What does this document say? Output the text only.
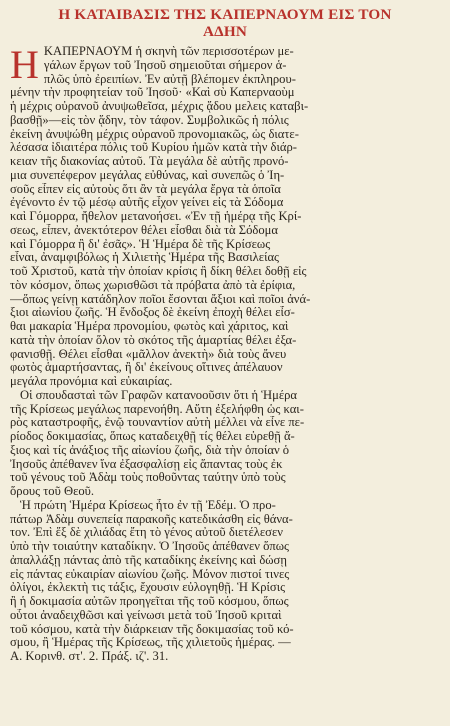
Η ΚΑΤΑΙΒΑΣΙΣ ΤΗΣ ΚΑΠΕΡΝΑΟΥΜ ΕΙΣ ΤΟΝ
ΑΔΗΝ
Η ΚΑΠΕΡΝΑΟΥΜ ἡ σκηνὴ τῶν περισσοτέρων με-
γάλων ἔργων τοῦ Ἰησοῦ σημειοῦται σήμερον ἁ-
πλῶς ὑπὸ ἐρειπίων. Ἐν αὐτῇ βλέπομεν ἐκπληρου-
μένην τὴν προφητείαν τοῦ Ἰησοῦ· «Καὶ σὺ Καπερναοὺμ
ἡ μέχρις οὐρανοῦ ἀνυψωθεῖσα, μέχρις ᾅδου μελεις καταβι-
βασθῇ»—εἰς τὸν ᾅδην, τὸν τάφον. Συμβολικῶς ἡ πόλις
ἐκείνη ἀνυψώθη μέχρις οὐρανοῦ προνομιακῶς, ὡς διατε-
λέσασα ἰδιαιτέρα πόλις τοῦ Κυρίου ἡμῶν κατὰ τὴν διάρ-
κειαν τῆς διακονίας αὐτοῦ. Τὰ μεγάλα δὲ αὐτῆς προνό-
μια συνεπέφερον μεγάλας εὐθύνας, καὶ συνεπῶς ὁ Ἰη-
σοῦς εἶπεν εἰς αὐτοὺς ὅτι ἂν τὰ μεγάλα ἔργα τὰ ὁποῖα
ἐγένοντο ἐν τῷ μέσῳ αὐτῆς εἶχον γείνει εἰς τὰ Σόδομα
καὶ Γόμορρα, ἤθελον μετανοήσει. «Ἐν τῇ ἡμέρᾳ τῆς Κρί-
σεως, εἶπεν, ἀνεκτότερον θέλει εἶσθαι διὰ τὰ Σόδομα
καὶ Γόμορρα ἢ δι' ἐσᾶς». Ἡ Ἡμέρα δὲ τῆς Κρίσεως
εἶναι, ἀναμφιβόλως ἡ Χιλιετὴς Ἡμέρα τῆς Βασιλείας
τοῦ Χριστοῦ, κατὰ τὴν ὁποίαν κρίσις ἢ δίκη θέλει δοθῇ εἰς
τὸν κόσμον, ὅπως χωρισθῶσι τὰ πρόβατα ἀπὸ τὰ ἐρίφια,
—ὅπως γείνῃ κατάδηλον ποῖοι ἔσονται ἄξιοι καὶ ποῖοι ἀνά-
ξιοι αἰωνίου ζωῆς. Ἡ ἔνδοξος δὲ ἐκείνη ἐποχὴ θέλει εἶσ-
θαι μακαρία Ἡμέρα προνομίου, φωτὸς καὶ χάριτος, καὶ
κατὰ τὴν ὁποίαν ὅλον τὸ σκότος τῆς ἁμαρτίας θέλει ἐξα-
φανισθῇ. Θέλει εἶσθαι «μᾶλλον ἀνεκτὴ» διὰ τοὺς ἄνευ
φωτὸς ἁμαρτήσαντας, ἢ δι' ἐκείνους οἵτινες ἀπέλαυον
μεγάλα προνόμια καὶ εὐκαιρίας.
Οἱ σπουδασταὶ τῶν Γραφῶν κατανοοῦσιν ὅτι ἡ Ἡμέρα
τῆς Κρίσεως μεγάλως παρενοήθη. Αὕτη ἐξελήφθη ὡς και-
ρὸς καταστροφῆς, ἐνῷ τουναντίον αὐτὴ μέλλει νὰ εἶνε πε-
ρίοδος δοκιμασίας, ὅπως καταδειχθῇ τίς θέλει εὑρεθῇ ἄ-
ξιος καὶ τίς ἀνάξιος τῆς αἰωνίου ζωῆς, διὰ τὴν ὁποίαν ὁ
Ἰησοῦς ἀπέθανεν ἵνα ἐξασφαλίσῃ εἰς ἅπαντας τοὺς ἐκ
τοῦ γένους τοῦ Ἀδὰμ τοὺς ποθοῦντας ταύτην ὑπὸ τοὺς
ὅρους τοῦ Θεοῦ.
Ἡ πρώτη Ἡμέρα Κρίσεως ἦτο ἐν τῇ Ἐδέμ. Ὁ προ-
πάτωρ Ἀδὰμ συνεπείᾳ παρακοῆς κατεδικάσθη εἰς θάνα-
τον. Ἐπὶ ἕξ δὲ χιλιάδας ἔτη τὸ γένος αὐτοῦ διετέλεσεν
ὑπὸ τὴν τοιαύτην καταδίκην. Ὁ Ἰησοῦς ἀπέθανεν ὅπως
ἀπαλλάξῃ πάντας ἀπὸ τῆς καταδίκης ἐκείνης καὶ δώσῃ
εἰς πάντας εὐκαιρίαν αἰωνίου ζωῆς. Μόνον πιστοί τινες
ὀλίγοι, ἐκλεκτὴ τις τάξις, ἔχουσιν εὐλογηθῇ. Ἡ Κρίσις
ἢ ἡ δοκιμασία αὐτῶν προηγεῖται τῆς τοῦ κόσμου, ὅπως
οὗτοι ἀναδειχθῶσι καὶ γείνωσι μετὰ τοῦ Ἰησοῦ κριταὶ
τοῦ κόσμου, κατὰ τὴν διάρκειαν τῆς δοκιμασίας τοῦ κό-
σμου, ἢ Ἡμέρας τῆς Κρίσεως, τῆς χιλιετοῦς ἡμέρας. —
Α. Κορινθ. στ'. 2. Πράξ. ιζ'. 31.
